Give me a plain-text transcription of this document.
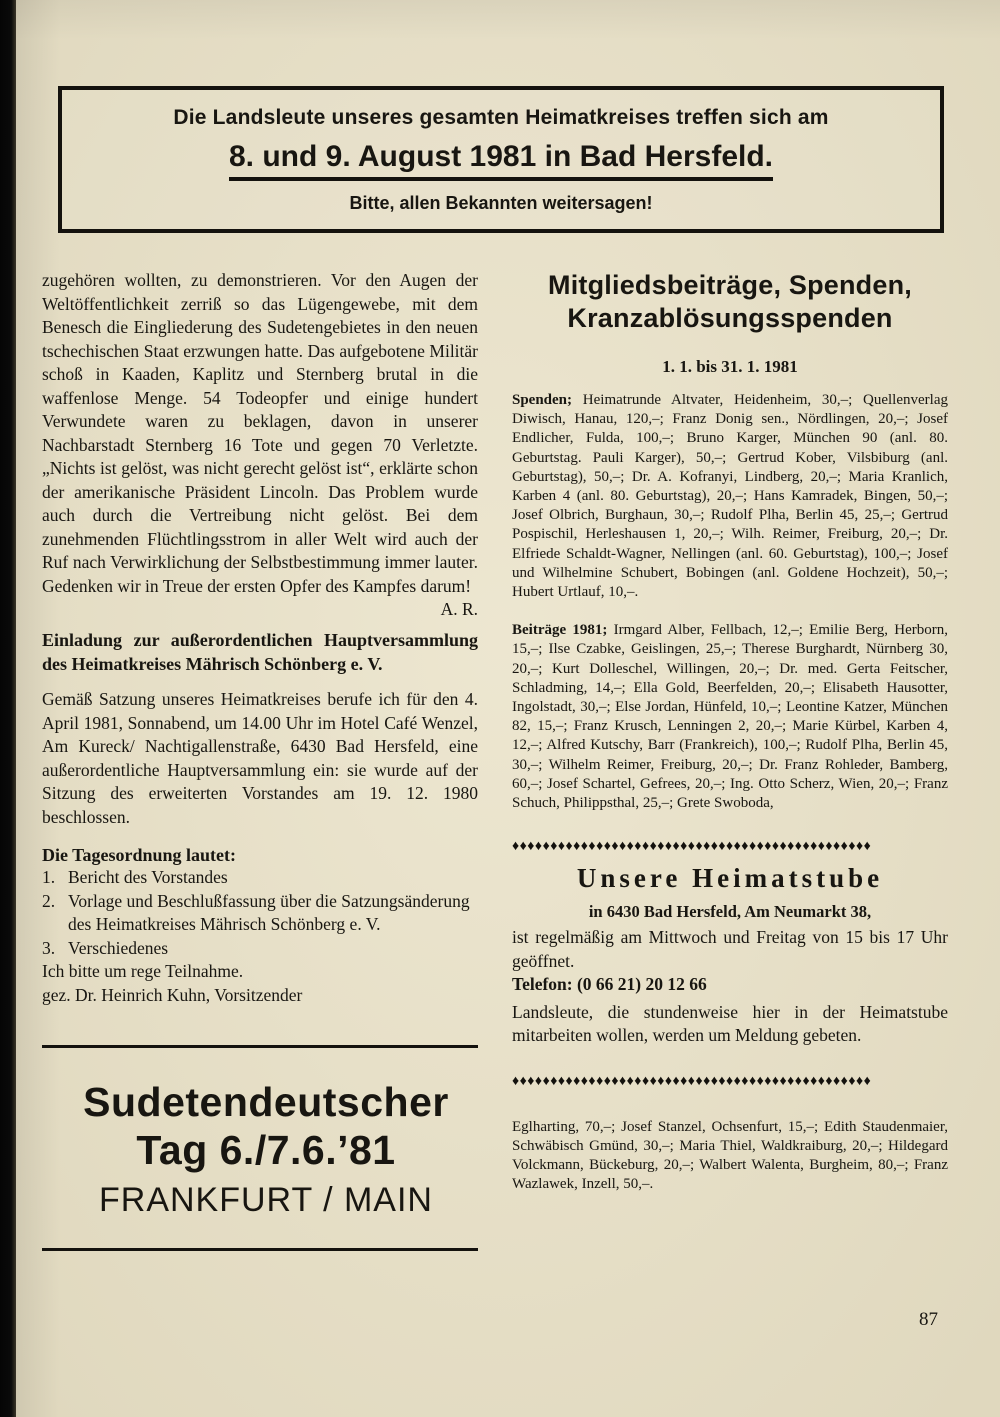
Die Landsleute unseres gesamten Heimatkreises treffen sich am
8. und 9. August 1981 in Bad Hersfeld.
Bitte, allen Bekannten weitersagen!

zugehören wollten, zu demonstrieren. Vor den Augen der Weltöffentlichkeit zerriß so das Lügengewebe, mit dem Benesch die Eingliederung des Sudetengebietes in den neuen tschechischen Staat erzwungen hatte. Das aufgebotene Militär schoß in Kaaden, Kaplitz und Sternberg brutal in die waffenlose Menge. 54 Todeopfer und einige hundert Verwundete waren zu beklagen, davon in unserer Nachbarstadt Sternberg 16 Tote und gegen 70 Verletzte. „Nichts ist gelöst, was nicht gerecht gelöst ist“, erklärte schon der amerikanische Präsident Lincoln. Das Problem wurde auch durch die Vertreibung nicht gelöst. Bei dem zunehmenden Flüchtlingsstrom in aller Welt wird auch der Ruf nach Verwirklichung der Selbstbestimmung immer lauter. Gedenken wir in Treue der ersten Opfer des Kampfes darum!
A. R.

Einladung zur außerordentlichen Hauptversammlung des Heimatkreises Mährisch Schönberg e. V.

Gemäß Satzung unseres Heimatkreises berufe ich für den 4. April 1981, Sonnabend, um 14.00 Uhr im Hotel Café Wenzel, Am Kureck/ Nachtigallenstraße, 6430 Bad Hersfeld, eine außerordentliche Hauptversammlung ein: sie wurde auf der Sitzung des erweiterten Vorstandes am 19. 12. 1980 beschlossen.

Die Tagesordnung lautet:
1. Bericht des Vorstandes
2. Vorlage und Beschlußfassung über die Satzungsänderung des Heimatkreises Mährisch Schönberg e. V.
3. Verschiedenes
Ich bitte um rege Teilnahme.
gez. Dr. Heinrich Kuhn, Vorsitzender
Sudetendeutscher
Tag 6./7.6.’81
FRANKFURT / MAIN
Mitgliedsbeiträge, Spenden,
Kranzablösungsspenden
1. 1. bis 31. 1. 1981

Spenden; Heimatrunde Altvater, Heidenheim, 30,–; Quellenverlag Diwisch, Hanau, 120,–; Franz Donig sen., Nördlingen, 20,–; Josef Endlicher, Fulda, 100,–; Bruno Karger, München 90 (anl. 80. Geburtstag. Pauli Karger), 50,–; Gertrud Kober, Vilsbiburg (anl. Geburtstag), 50,–; Dr. A. Kofranyi, Lindberg, 20,–; Maria Kranlich, Karben 4 (anl. 80. Geburtstag), 20,–; Hans Kamradek, Bingen, 50,–; Josef Olbrich, Burghaun, 30,–; Rudolf Plha, Berlin 45, 25,–; Gertrud Pospischil, Herleshausen 1, 20,–; Wilh. Reimer, Freiburg, 20,–; Dr. Elfriede Schaldt-Wagner, Nellingen (anl. 60. Geburtstag), 100,–; Josef und Wilhelmine Schubert, Bobingen (anl. Goldene Hochzeit), 50,–; Hubert Urtlauf, 10,–.

Beiträge 1981; Irmgard Alber, Fellbach, 12,–; Emilie Berg, Herborn, 15,–; Ilse Czabke, Geislingen, 25,–; Therese Burghardt, Nürnberg 30, 20,–; Kurt Dolleschel, Willingen, 20,–; Dr. med. Gerta Feitscher, Schladming, 14,–; Ella Gold, Beerfelden, 20,–; Elisabeth Hausotter, Ingolstadt, 30,–; Else Jordan, Hünfeld, 10,–; Leontine Katzer, München 82, 15,–; Franz Krusch, Lenningen 2, 20,–; Marie Kürbel, Karben 4, 12,–; Alfred Kutschy, Barr (Frankreich), 100,–; Rudolf Plha, Berlin 45, 30,–; Wilhelm Reimer, Freiburg, 20,–; Dr. Franz Rohleder, Bamberg, 60,–; Josef Schartel, Gefrees, 20,–; Ing. Otto Scherz, Wien, 20,–; Franz Schuch, Philippsthal, 25,–; Grete Swoboda,

♦♦♦♦♦♦♦♦♦♦♦♦♦♦♦♦♦♦♦♦♦♦♦♦♦♦♦♦♦♦♦♦♦♦♦♦♦♦♦♦♦♦♦♦♦♦♦
Unsere Heimatstube
in 6430 Bad Hersfeld, Am Neumarkt 38,

ist regelmäßig am Mittwoch und Freitag von 15 bis 17 Uhr geöffnet.

Telefon: (0 66 21) 20 12 66

Landsleute, die stundenweise hier in der Heimatstube mitarbeiten wollen, werden um Meldung gebeten.

♦♦♦♦♦♦♦♦♦♦♦♦♦♦♦♦♦♦♦♦♦♦♦♦♦♦♦♦♦♦♦♦♦♦♦♦♦♦♦♦♦♦♦♦♦♦♦

Eglharting, 70,–; Josef Stanzel, Ochsenfurt, 15,–; Edith Staudenmaier, Schwäbisch Gmünd, 30,–; Maria Thiel, Waldkraiburg, 20,–; Hildegard Volckmann, Bückeburg, 20,–; Walbert Walenta, Burgheim, 80,–; Franz Wazlawek, Inzell, 50,–.

87
